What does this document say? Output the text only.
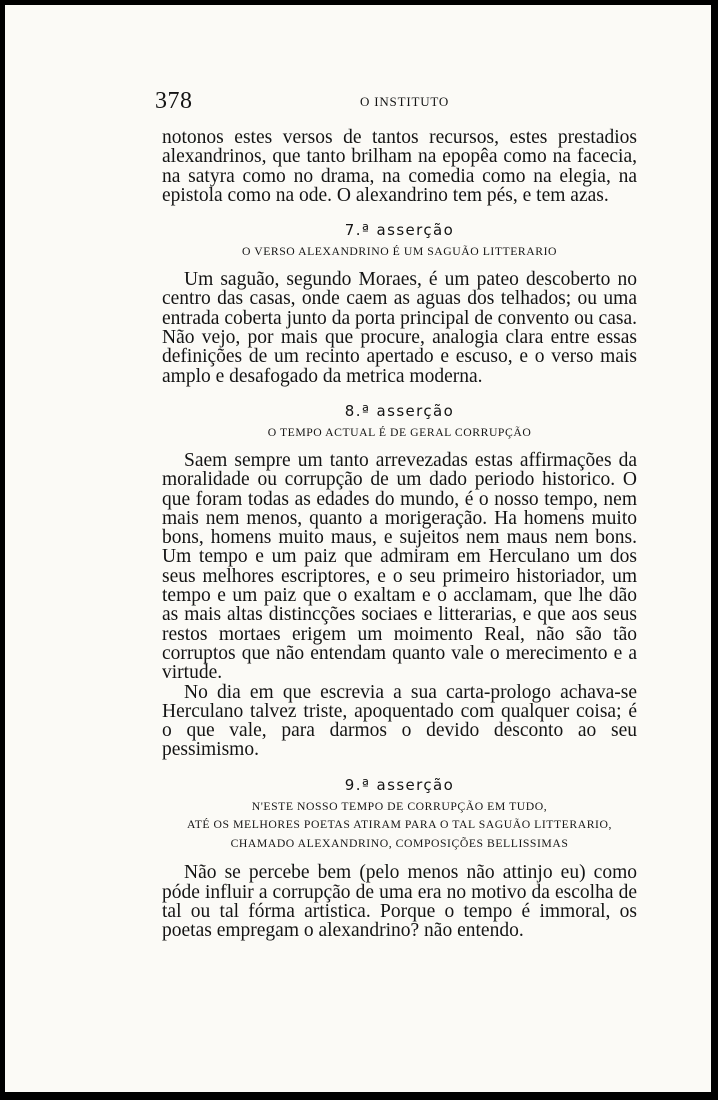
378	O INSTITUTO

notonos estes versos de tantos recursos, estes prestadios alexandrinos, que tanto brilham na epopêa como na facecia, na satyra como no drama, na comedia como na elegia, na epistola como na ode. O alexandrino tem pés, e tem azas.

7.ª asserção
O VERSO ALEXANDRINO É UM SAGUÃO LITTERARIO

Um saguão, segundo Moraes, é um pateo descoberto no centro das casas, onde caem as aguas dos telhados; ou uma entrada coberta junto da porta principal de convento ou casa. Não vejo, por mais que procure, analogia clara entre essas definições de um recinto apertado e escuso, e o verso mais amplo e desafogado da metrica moderna.

8.ª asserção
O TEMPO ACTUAL É DE GERAL CORRUPÇÃO

Saem sempre um tanto arrevezadas estas affirmações da moralidade ou corrupção de um dado periodo historico. O que foram todas as edades do mundo, é o nosso tempo, nem mais nem menos, quanto a morigeração. Ha homens muito bons, homens muito maus, e sujeitos nem maus nem bons. Um tempo e um paiz que admiram em Herculano um dos seus melhores escriptores, e o seu primeiro historiador, um tempo e um paiz que o exaltam e o acclamam, que lhe dão as mais altas distincções sociaes e litterarias, e que aos seus restos mortaes erigem um moimento Real, não são tão corruptos que não entendam quanto vale o merecimento e a virtude.

No dia em que escrevia a sua carta-prologo achava-se Herculano talvez triste, apoquentado com qualquer coisa; é o que vale, para darmos o devido desconto ao seu pessimismo.

9.ª asserção
N'ESTE NOSSO TEMPO DE CORRUPÇÃO EM TUDO,
ATÉ OS MELHORES POETAS ATIRAM PARA O TAL SAGUÃO LITTERARIO,
CHAMADO ALEXANDRINO, COMPOSIÇÕES BELLISSIMAS

Não se percebe bem (pelo menos não attinjo eu) como póde influir a corrupção de uma era no motivo da escolha de tal ou tal fórma artistica. Porque o tempo é immoral, os poetas empregam o alexandrino? não entendo.
